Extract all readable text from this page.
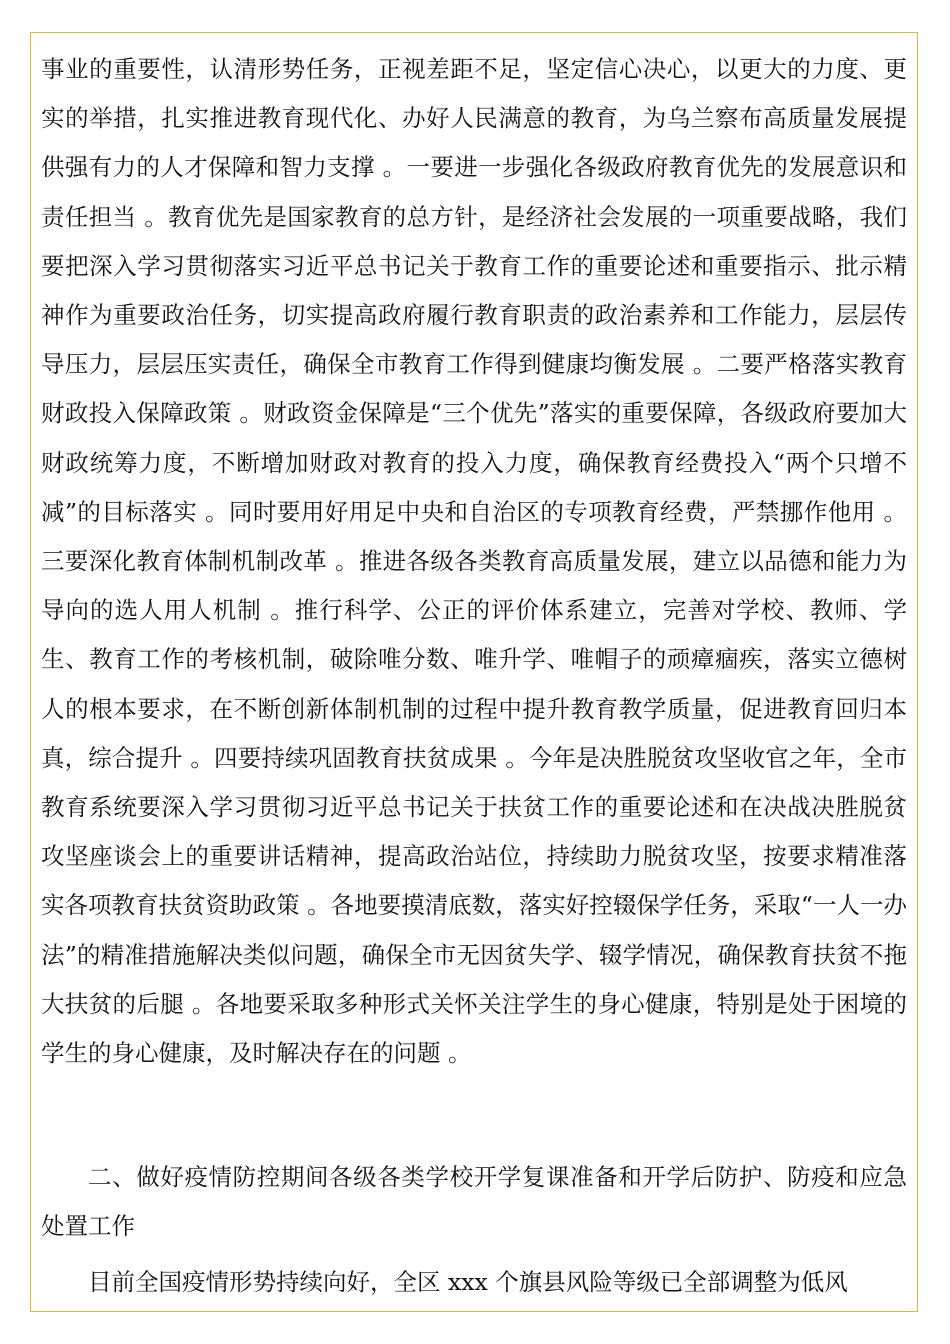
事业的重要性，认清形势任务，正视差距不足，坚定信心决心，以更大的力度、更实的举措，扎实推进教育现代化、办好人民满意的教育，为乌兰察布高质量发展提供强有力的人才保障和智力支撑 。一要进一步强化各级政府教育优先的发展意识和责任担当 。教育优先是国家教育的总方针，是经济社会发展的一项重要战略，我们要把深入学习贯彻落实习近平总书记关于教育工作的重要论述和重要指示、批示精神作为重要政治任务，切实提高政府履行教育职责的政治素养和工作能力，层层传导压力，层层压实责任，确保全市教育工作得到健康均衡发展 。二要严格落实教育财政投入保障政策 。财政资金保障是“三个优先”落实的重要保障，各级政府要加大财政统筹力度，不断增加财政对教育的投入力度，确保教育经费投入“两个只增不减”的目标落实 。同时要用好用足中央和自治区的专项教育经费，严禁挪作他用 。三要深化教育体制机制改革 。推进各级各类教育高质量发展，建立以品德和能力为导向的选人用人机制 。推行科学、公正的评价体系建立，完善对学校、教师、学生、教育工作的考核机制，破除唯分数、唯升学、唯帽子的顽瘴痼疾，落实立德树人的根本要求，在不断创新体制机制的过程中提升教育教学质量，促进教育回归本真，综合提升 。四要持续巩固教育扶贫成果 。今年是决胜脱贫攻坚收官之年，全市教育系统要深入学习贯彻习近平总书记关于扶贫工作的重要论述和在决战决胜脱贫攻坚座谈会上的重要讲话精神，提高政治站位，持续助力脱贫攻坚，按要求精准落实各项教育扶贫资助政策 。各地要摸清底数，落实好控辍保学任务，采取“一人一办法”的精准措施解决类似问题，确保全市无因贫失学、辍学情况，确保教育扶贫不拖大扶贫的后腿 。各地要采取多种形式关怀关注学生的身心健康，特别是处于困境的学生的身心健康，及时解决存在的问题 。

二、做好疫情防控期间各级各类学校开学复课准备和开学后防护、防疫和应急处置工作

目前全国疫情形势持续向好，全区 xxx 个旗县风险等级已全部调整为低风
